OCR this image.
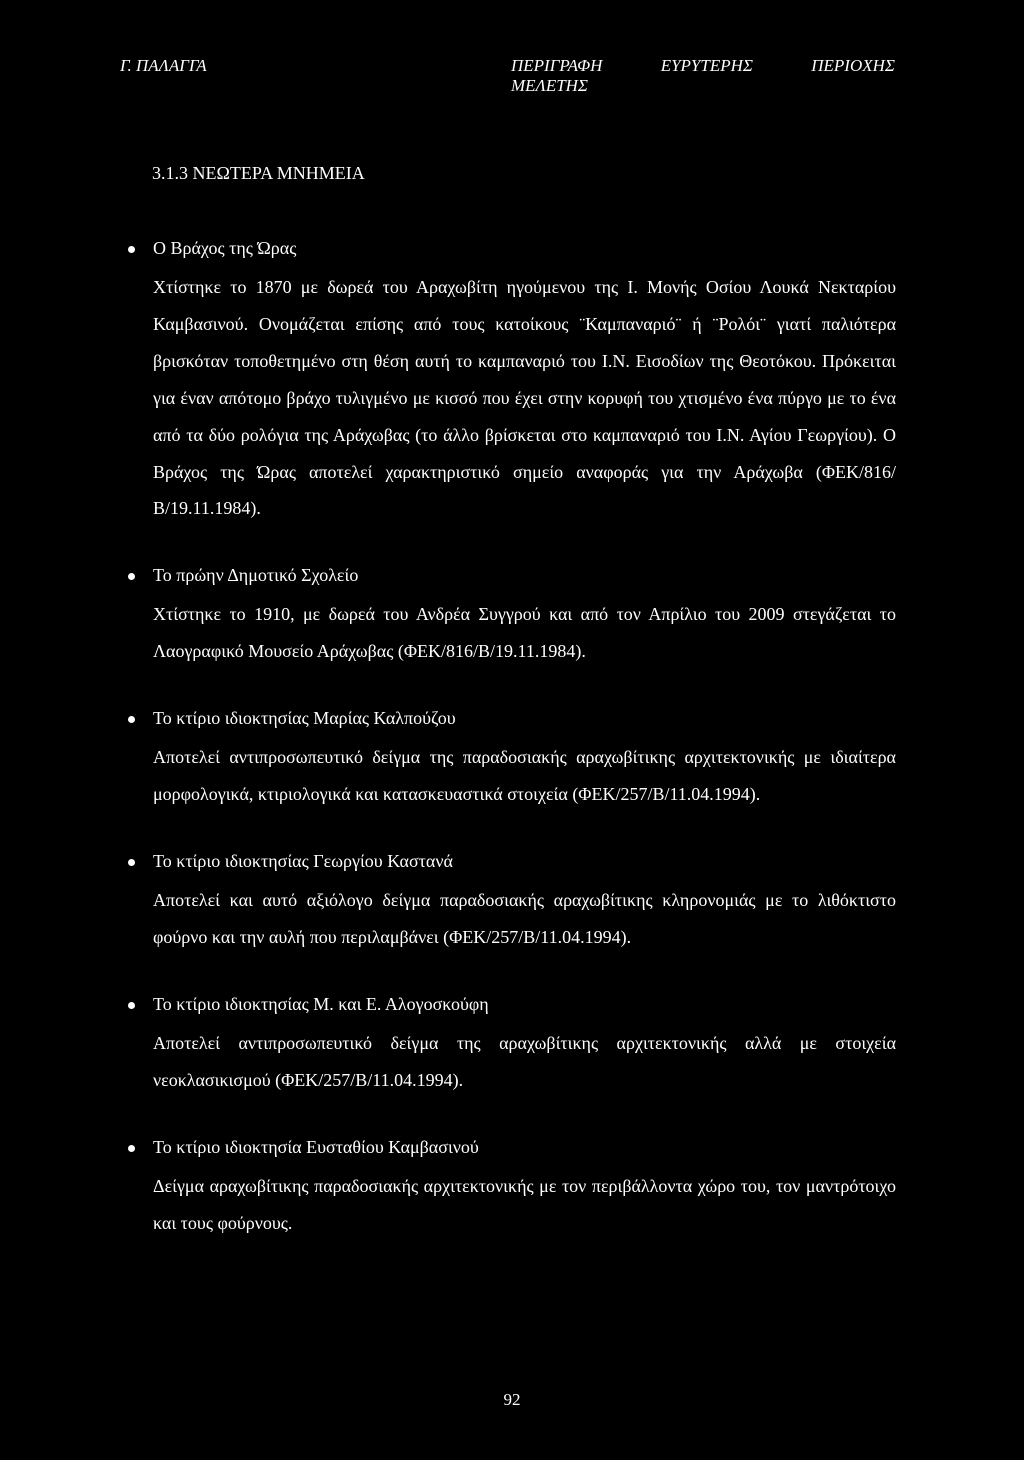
Γ. ΠΑΛΑΓΓΑ	ΠΕΡΙΓΡΑΦΗ ΕΥΡΥΤΕΡΗΣ ΠΕΡΙΟΧΗΣ
ΜΕΛΕΤΗΣ
3.1.3 ΝΕΩΤΕΡΑ ΜΝΗΜΕΙΑ
Ο Βράχος της Ώρας
Χτίστηκε το 1870 με δωρεά του Αραχωβίτη ηγούμενου της Ι. Μονής Οσίου Λουκά Νεκταρίου Καμβασινού. Ονομάζεται επίσης από τους κατοίκους ¨Καμπαναριό¨ ή ¨Ρολόι¨ γιατί παλιότερα βρισκόταν τοποθετημένο στη θέση αυτή το καμπαναριό του Ι.Ν. Εισοδίων της Θεοτόκου. Πρόκειται για έναν απότομο βράχο τυλιγμένο με κισσό που έχει στην κορυφή του χτισμένο ένα πύργο με το ένα από τα δύο ρολόγια της Αράχωβας (το άλλο βρίσκεται στο καμπαναριό του Ι.Ν. Αγίου Γεωργίου). Ο Βράχος της Ώρας αποτελεί χαρακτηριστικό σημείο αναφοράς για την Αράχωβα (ΦΕΚ/816/Β/19.11.1984).
Το πρώην Δημοτικό Σχολείο
Χτίστηκε το 1910, με δωρεά του Ανδρέα Συγγρού και από τον Απρίλιο του 2009 στεγάζεται το Λαογραφικό Μουσείο Αράχωβας (ΦΕΚ/816/Β/19.11.1984).
Το κτίριο ιδιοκτησίας Μαρίας Καλπούζου
Αποτελεί αντιπροσωπευτικό δείγμα της παραδοσιακής αραχωβίτικης αρχιτεκτονικής με ιδιαίτερα μορφολογικά, κτιριολογικά και κατασκευαστικά στοιχεία (ΦΕΚ/257/Β/11.04.1994).
Το κτίριο ιδιοκτησίας Γεωργίου Καστανά
Αποτελεί και αυτό αξιόλογο δείγμα παραδοσιακής αραχωβίτικης κληρονομιάς με το λιθόκτιστο φούρνο και την αυλή που περιλαμβάνει (ΦΕΚ/257/Β/11.04.1994).
Το κτίριο ιδιοκτησίας Μ. και Ε. Αλογοσκούφη
Αποτελεί αντιπροσωπευτικό δείγμα της αραχωβίτικης αρχιτεκτονικής αλλά με στοιχεία νεοκλασικισμού (ΦΕΚ/257/Β/11.04.1994).
Το κτίριο ιδιοκτησία Ευσταθίου Καμβασινού
Δείγμα αραχωβίτικης παραδοσιακής αρχιτεκτονικής με τον περιβάλλοντα χώρο του, τον μαντρότοιχο και τους φούρνους.
92
